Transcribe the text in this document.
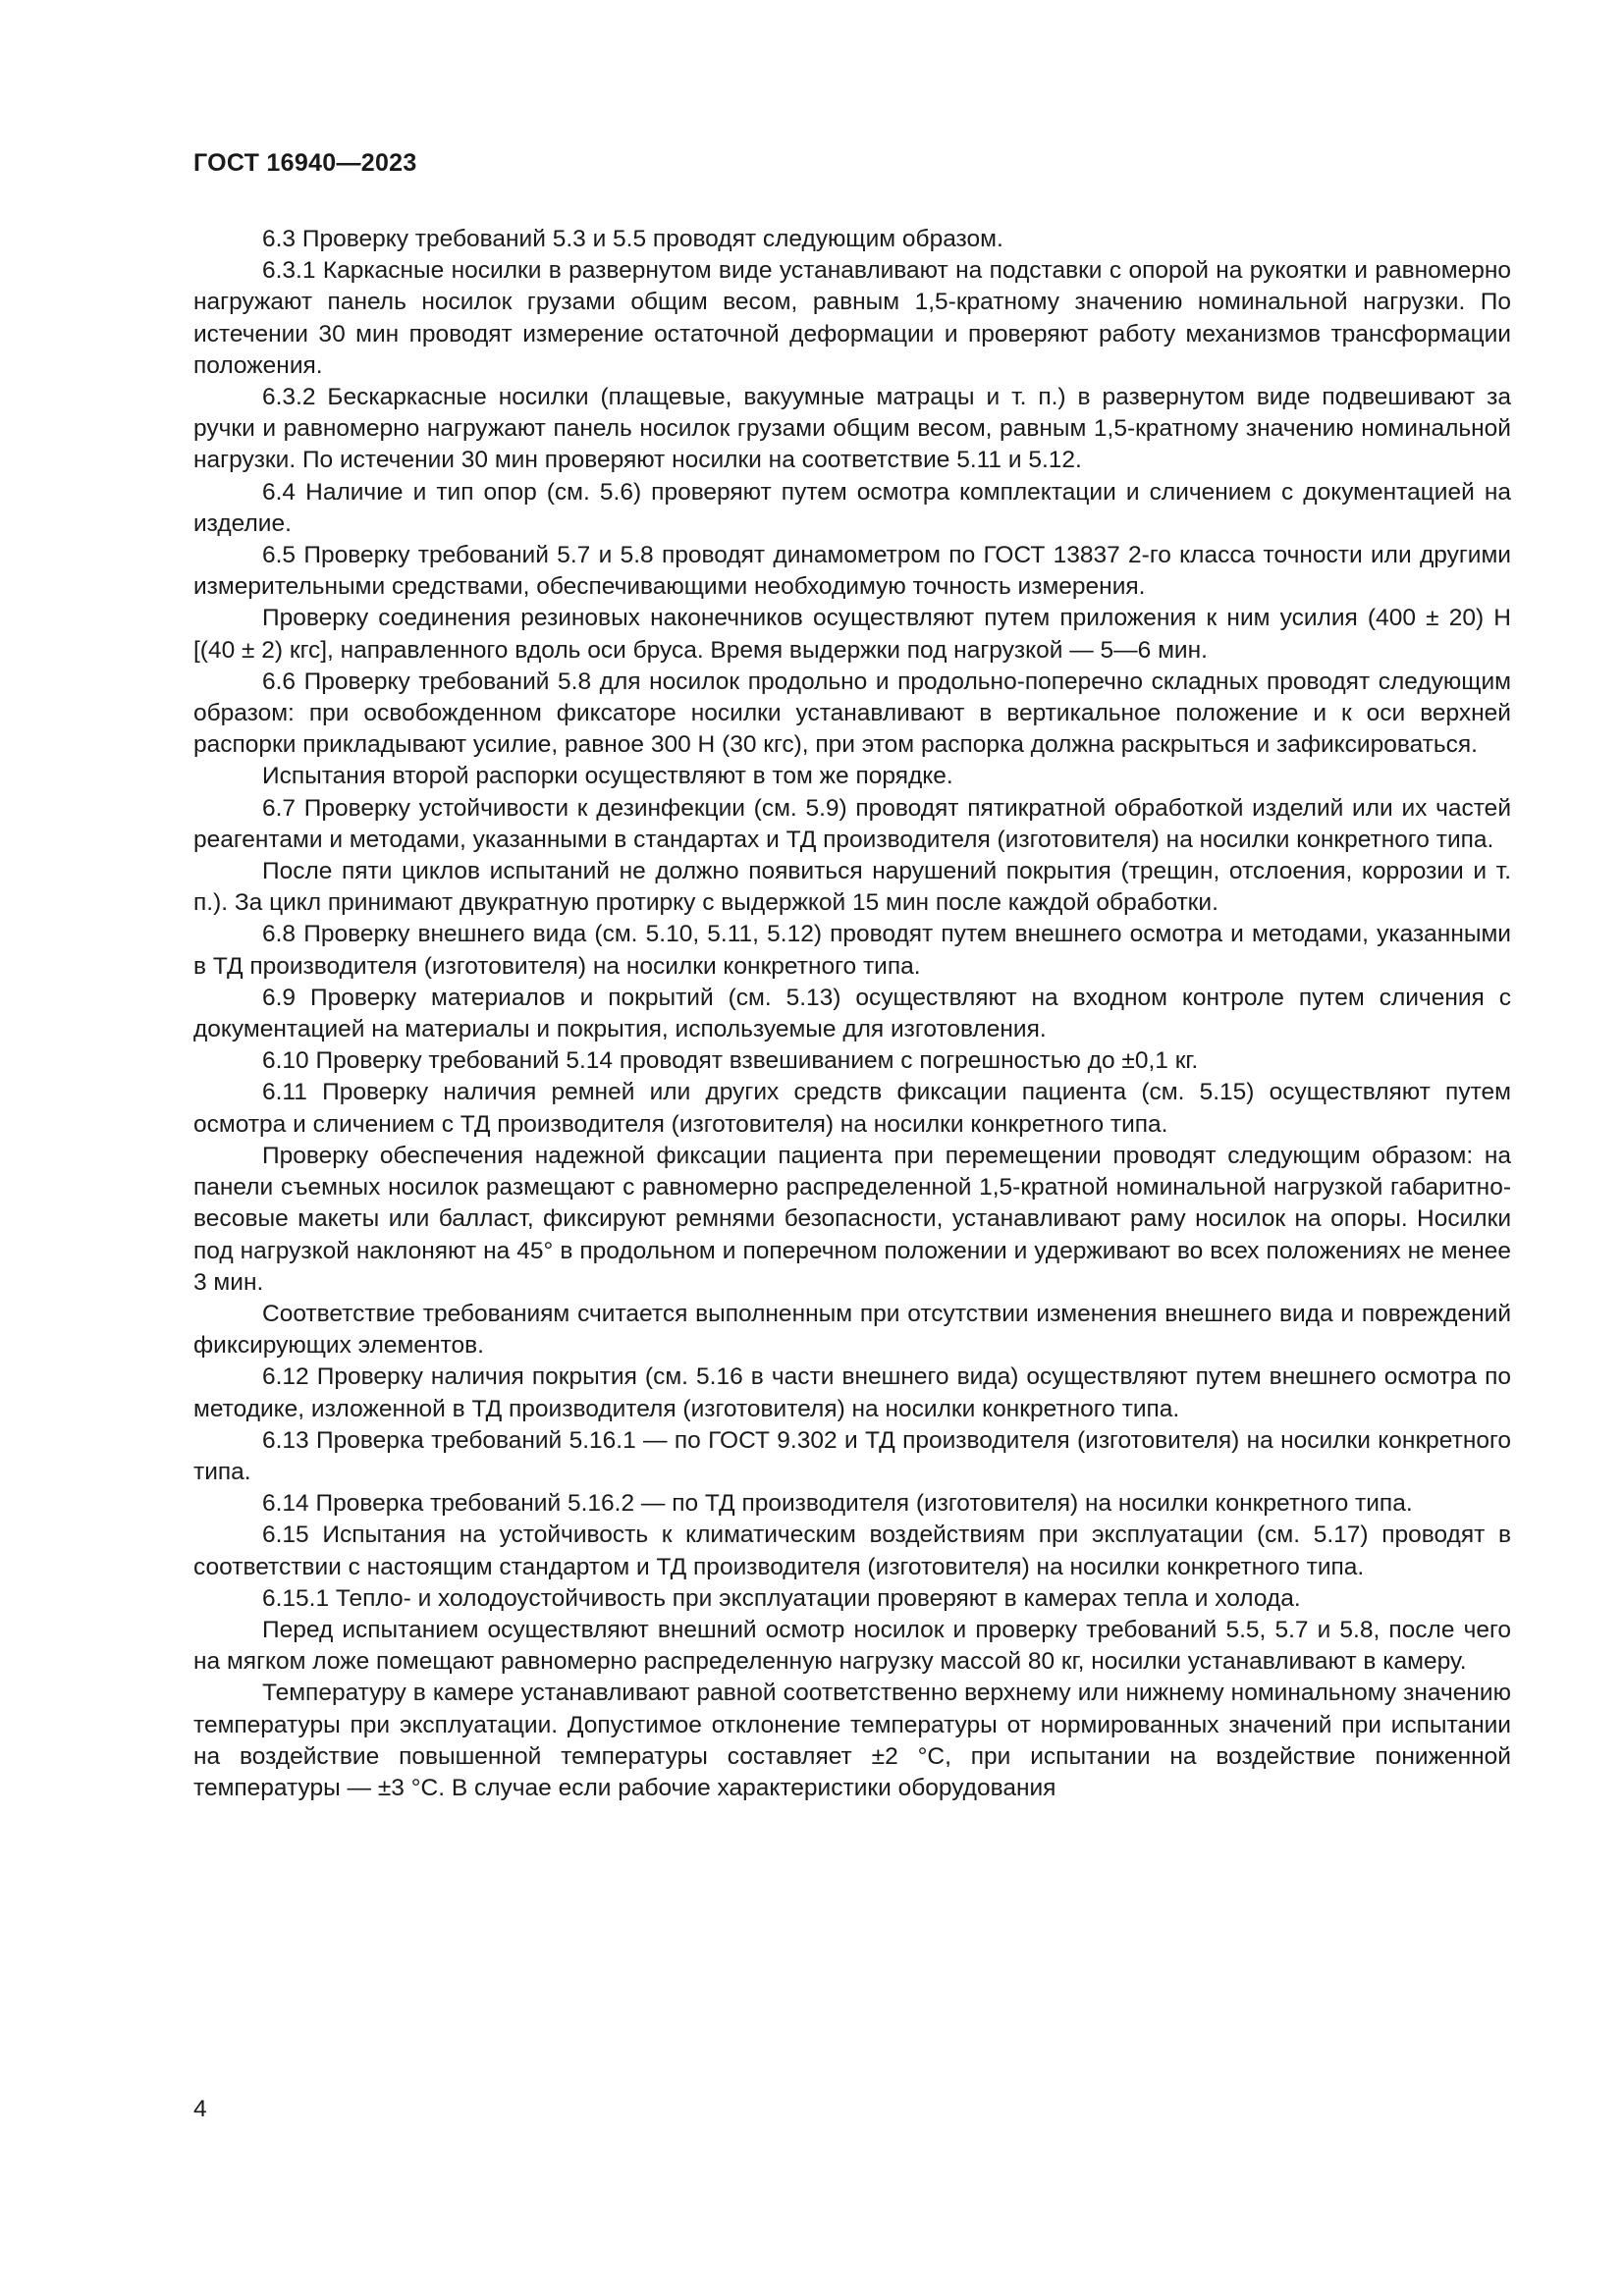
ГОСТ 16940—2023

6.3 Проверку требований 5.3 и 5.5 проводят следующим образом.

6.3.1 Каркасные носилки в развернутом виде устанавливают на подставки с опорой на рукоятки и равномерно нагружают панель носилок грузами общим весом, равным 1,5-кратному значению номинальной нагрузки. По истечении 30 мин проводят измерение остаточной деформации и проверяют работу механизмов трансформации положения.

6.3.2 Бескаркасные носилки (плащевые, вакуумные матрацы и т. п.) в развернутом виде подвешивают за ручки и равномерно нагружают панель носилок грузами общим весом, равным 1,5-кратному значению номинальной нагрузки. По истечении 30 мин проверяют носилки на соответствие 5.11 и 5.12.

6.4 Наличие и тип опор (см. 5.6) проверяют путем осмотра комплектации и сличением с документацией на изделие.

6.5 Проверку требований 5.7 и 5.8 проводят динамометром по ГОСТ 13837 2-го класса точности или другими измерительными средствами, обеспечивающими необходимую точность измерения.

Проверку соединения резиновых наконечников осуществляют путем приложения к ним усилия (400 ± 20) Н [(40 ± 2) кгс], направленного вдоль оси бруса. Время выдержки под нагрузкой — 5—6 мин.

6.6 Проверку требований 5.8 для носилок продольно и продольно-поперечно складных проводят следующим образом: при освобожденном фиксаторе носилки устанавливают в вертикальное положение и к оси верхней распорки прикладывают усилие, равное 300 Н (30 кгс), при этом распорка должна раскрыться и зафиксироваться.

Испытания второй распорки осуществляют в том же порядке.

6.7 Проверку устойчивости к дезинфекции (см. 5.9) проводят пятикратной обработкой изделий или их частей реагентами и методами, указанными в стандартах и ТД производителя (изготовителя) на носилки конкретного типа.

После пяти циклов испытаний не должно появиться нарушений покрытия (трещин, отслоения, коррозии и т. п.). За цикл принимают двукратную протирку с выдержкой 15 мин после каждой обработки.

6.8 Проверку внешнего вида (см. 5.10, 5.11, 5.12) проводят путем внешнего осмотра и методами, указанными в ТД производителя (изготовителя) на носилки конкретного типа.

6.9 Проверку материалов и покрытий (см. 5.13) осуществляют на входном контроле путем сличения с документацией на материалы и покрытия, используемые для изготовления.

6.10 Проверку требований 5.14 проводят взвешиванием с погрешностью до ±0,1 кг.

6.11 Проверку наличия ремней или других средств фиксации пациента (см. 5.15) осуществляют путем осмотра и сличением с ТД производителя (изготовителя) на носилки конкретного типа.

Проверку обеспечения надежной фиксации пациента при перемещении проводят следующим образом: на панели съемных носилок размещают с равномерно распределенной 1,5-кратной номинальной нагрузкой габаритно-весовые макеты или балласт, фиксируют ремнями безопасности, устанавливают раму носилок на опоры. Носилки под нагрузкой наклоняют на 45° в продольном и поперечном положении и удерживают во всех положениях не менее 3 мин.

Соответствие требованиям считается выполненным при отсутствии изменения внешнего вида и повреждений фиксирующих элементов.

6.12 Проверку наличия покрытия (см. 5.16 в части внешнего вида) осуществляют путем внешнего осмотра по методике, изложенной в ТД производителя (изготовителя) на носилки конкретного типа.

6.13 Проверка требований 5.16.1 — по ГОСТ 9.302 и ТД производителя (изготовителя) на носилки конкретного типа.

6.14 Проверка требований 5.16.2 — по ТД производителя (изготовителя) на носилки конкретного типа.

6.15 Испытания на устойчивость к климатическим воздействиям при эксплуатации (см. 5.17) проводят в соответствии с настоящим стандартом и ТД производителя (изготовителя) на носилки конкретного типа.

6.15.1 Тепло- и холодоустойчивость при эксплуатации проверяют в камерах тепла и холода.

Перед испытанием осуществляют внешний осмотр носилок и проверку требований 5.5, 5.7 и 5.8, после чего на мягком ложе помещают равномерно распределенную нагрузку массой 80 кг, носилки устанавливают в камеру.

Температуру в камере устанавливают равной соответственно верхнему или нижнему номинальному значению температуры при эксплуатации. Допустимое отклонение температуры от нормированных значений при испытании на воздействие повышенной температуры составляет ±2 °С, при испытании на воздействие пониженной температуры — ±3 °С. В случае если рабочие характеристики оборудования

4
